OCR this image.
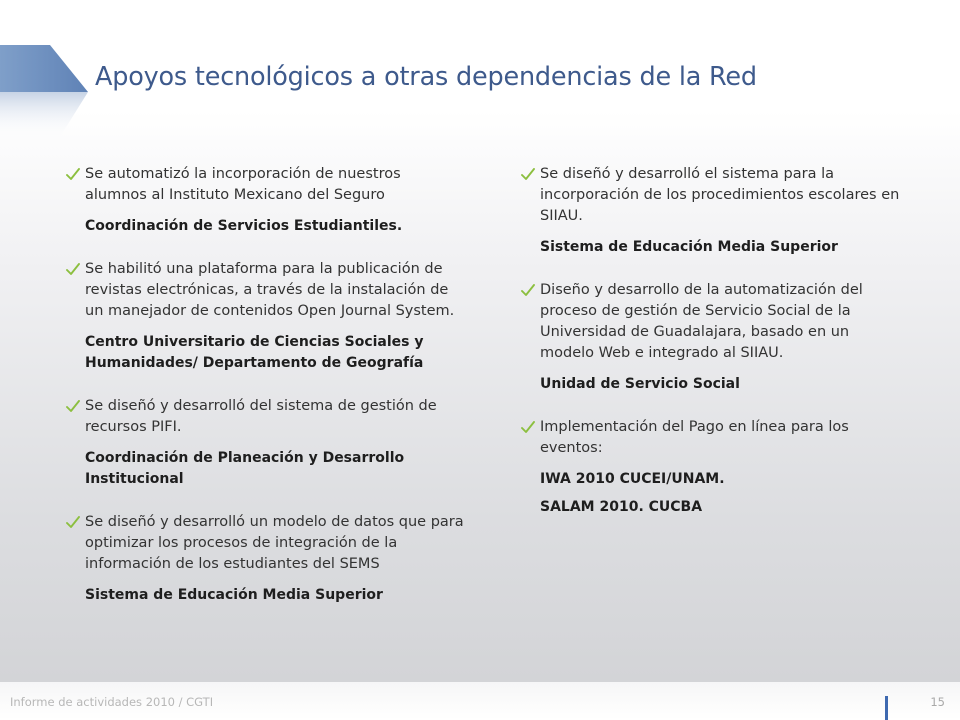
Apoyos tecnológicos a otras dependencias de la Red

Se automatizó la incorporación de nuestros alumnos al Instituto Mexicano del Seguro

Coordinación de Servicios Estudiantiles.

Se habilitó una plataforma para la publicación de revistas electrónicas, a través de la instalación de un manejador de contenidos Open Journal System.

Centro Universitario de Ciencias Sociales y Humanidades/ Departamento de Geografía

Se diseñó y desarrolló del sistema de gestión de recursos PIFI.

Coordinación de Planeación y Desarrollo Institucional

Se diseñó y desarrolló un modelo de datos que para optimizar los procesos de integración de la información de los estudiantes del SEMS

Sistema de Educación Media Superior

Se diseñó y desarrolló el sistema para la incorporación de los procedimientos escolares en SIIAU.

Sistema de Educación Media Superior

Diseño y desarrollo de la automatización del proceso de gestión de Servicio Social de la Universidad de Guadalajara, basado en un modelo Web e integrado al SIIAU.

Unidad de Servicio Social

Implementación del Pago en línea para los eventos:

IWA 2010 CUCEI/UNAM.

SALAM 2010. CUCBA

Informe de actividades 2010 / CGTI	15
